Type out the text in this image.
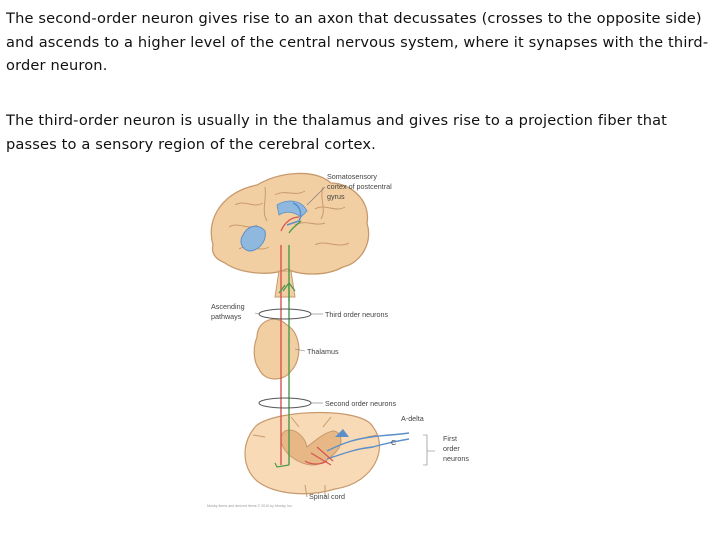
The second-order neuron gives rise to an axon that decussates (crosses to the opposite side) and ascends to a higher level of the central nervous system, where it synapses with the third-order neuron.

The third-order neuron is usually in the thalamus and gives rise to a projection fiber that passes to a sensory region of the cerebral cortex.

Somatosensory
cortex of postcentral
gyrus
Ascending
pathways	Third order neurons
Thalamus
Second order neurons
A-delta
C	First
order
neurons
Spinal cord
Mosby items and derived items © 2010 by Mosby, Inc.
